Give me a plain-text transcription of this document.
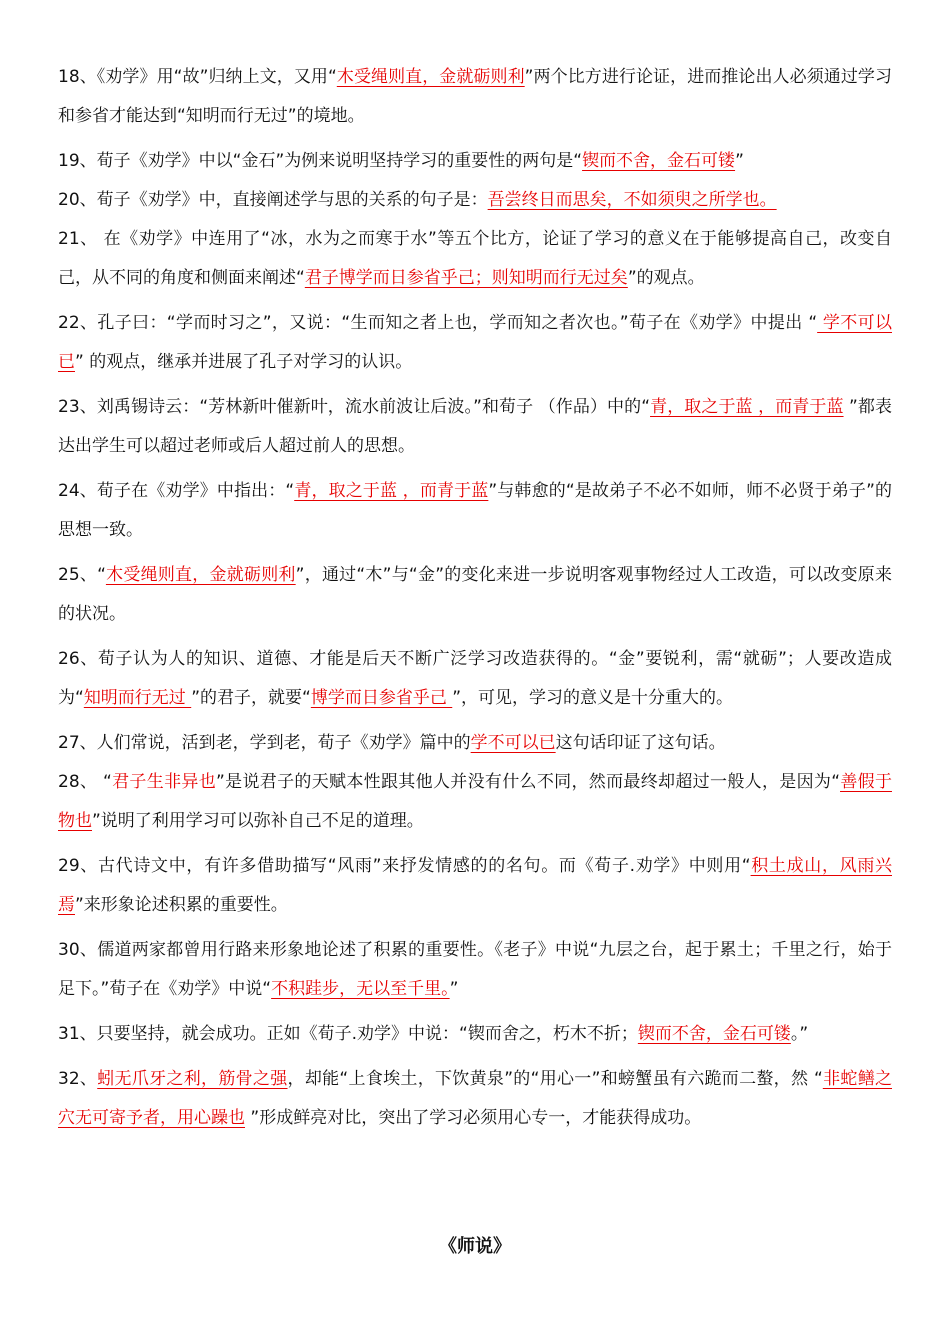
18、《劝学》用“故”归纳上文，又用“木受绳则直，金就砺则利”两个比方进行论证，进而推论出人必须通过学习和参省才能达到“知明而行无过”的境地。

19、荀子《劝学》中以“金石”为例来说明坚持学习的重要性的两句是“锲而不舍，金石可镂”

20、荀子《劝学》中，直接阐述学与思的关系的句子是：吾尝终日而思矣，不如须臾之所学也。

21、 在《劝学》中连用了“冰，水为之而寒于水”等五个比方，论证了学习的意义在于能够提高自己，改变自己，从不同的角度和侧面来阐述“君子博学而日参省乎己；则知明而行无过矣”的观点。

22、孔子曰：“学而时习之”，又说：“生而知之者上也，学而知之者次也。”荀子在《劝学》中提出 “ 学不可以已” 的观点，继承并进展了孔子对学习的认识。

23、刘禹锡诗云：“芳林新叶催新叶，流水前波让后波。”和荀子 （作品）中的“青，取之于蓝 ，而青于蓝 ”都表达出学生可以超过老师或后人超过前人的思想。

24、荀子在《劝学》中指出：“青，取之于蓝 ，而青于蓝”与韩愈的“是故弟子不必不如师，师不必贤于弟子”的思想一致。

25、“木受绳则直，金就砺则利”，通过“木”与“金”的变化来进一步说明客观事物经过人工改造，可以改变原来的状况。

26、荀子认为人的知识、道德、才能是后天不断广泛学习改造获得的。“金”要锐利，需“就砺”；人要改造成为“知明而行无过 ”的君子，就要“博学而日参省乎己 ”，可见，学习的意义是十分重大的。

27、人们常说，活到老，学到老，荀子《劝学》篇中的学不可以已这句话印证了这句话。

28、 “君子生非异也”是说君子的天赋本性跟其他人并没有什么不同，然而最终却超过一般人，是因为“善假于物也”说明了利用学习可以弥补自己不足的道理。

29、古代诗文中，有许多借助描写“风雨”来抒发情感的的名句。而《荀子.劝学》中则用“积土成山，风雨兴焉”来形象论述积累的重要性。

30、儒道两家都曾用行路来形象地论述了积累的重要性。《老子》中说“九层之台，起于累土；千里之行，始于足下。”荀子在《劝学》中说“不积跬步，无以至千里。”

31、只要坚持，就会成功。正如《荀子.劝学》中说：“锲而舍之，朽木不折；锲而不舍，金石可镂。”

32、蚓无爪牙之利，筋骨之强，却能“上食埃土，下饮黄泉”的“用心一”和螃蟹虽有六跪而二螯，然 “非蛇鳝之穴无可寄予者，用心躁也 ”形成鲜亮对比，突出了学习必须用心专一，才能获得成功。

《师说》
